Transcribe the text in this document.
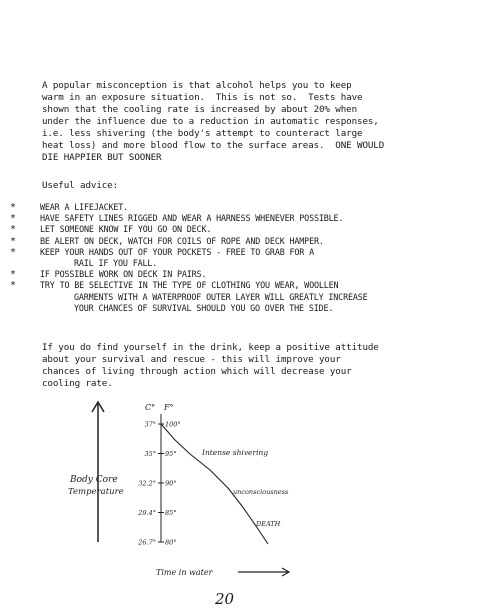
A popular misconception is that alcohol helps you to keep
warm in an exposure situation.  This is not so.  Tests have
shown that the cooling rate is increased by about 20% when
under the influence due to a reduction in automatic responses,
i.e. less shivering (the body's attempt to counteract large
heat loss) and more blood flow to the surface areas.  ONE WOULD
DIE HAPPIER BUT SOONER
Useful advice:
*	WEAR A LIFEJACKET.
*	HAVE SAFETY LINES RIGGED AND WEAR A HARNESS WHENEVER POSSIBLE.
*	LET SOMEONE KNOW IF YOU GO ON DECK.
*	BE ALERT ON DECK, WATCH FOR COILS OF ROPE AND DECK HAMPER.
*	KEEP YOUR HANDS OUT OF YOUR POCKETS - FREE TO GRAB FOR A
RAIL IF YOU FALL.
*	IF POSSIBLE WORK ON DECK IN PAIRS.
*	TRY TO BE SELECTIVE IN THE TYPE OF CLOTHING YOU WEAR, WOOLLEN
GARMENTS WITH A WATERPROOF OUTER LAYER WILL GREATLY INCREASE
YOUR CHANCES OF SURVIVAL SHOULD YOU GO OVER THE SIDE.
If you do find yourself in the drink, keep a positive attitude
about your survival and rescue - this will improve your
chances of living through action which will decrease your
cooling rate.
Body Core
Temperature
C° F°
37° 100°
35° 95°
32.2° 90°
29.4° 85°
26.7° 80°
Intense shivering
unconsciousness
DEATH
Time in water
20
